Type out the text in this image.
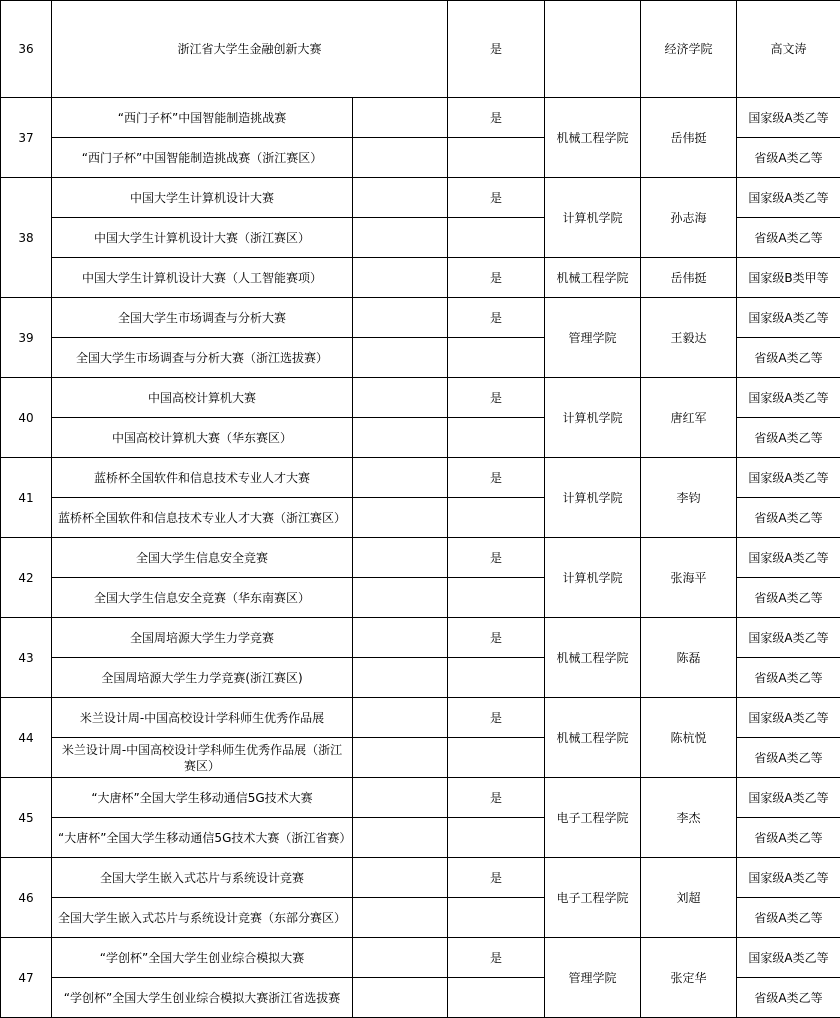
36	浙江省大学生金融创新大赛		是		经济学院	高文涛	
37	“西门子杯”中国智能制造挑战赛		是	机械工程学院	岳伟挺	国家级A类乙等	
	“西门子杯”中国智能制造挑战赛（浙江赛区）					省级A类乙等	
38	中国大学生计算机设计大赛		是	计算机学院	孙志海	国家级A类乙等	
	中国大学生计算机设计大赛（浙江赛区）					省级A类乙等	
	中国大学生计算机设计大赛（人工智能赛项）		是	机械工程学院	岳伟挺	国家级B类甲等	
39	全国大学生市场调查与分析大赛		是	管理学院	王毅达	国家级A类乙等	
	全国大学生市场调查与分析大赛（浙江选拔赛）					省级A类乙等	
40	中国高校计算机大赛		是	计算机学院	唐红军	国家级A类乙等	
	中国高校计算机大赛（华东赛区）					省级A类乙等	
41	蓝桥杯全国软件和信息技术专业人才大赛		是	计算机学院	李钧	国家级A类乙等	
	蓝桥杯全国软件和信息技术专业人才大赛（浙江赛区）					省级A类乙等	
42	全国大学生信息安全竞赛		是	计算机学院	张海平	国家级A类乙等	
	全国大学生信息安全竞赛（华东南赛区）					省级A类乙等	
43	全国周培源大学生力学竞赛		是	机械工程学院	陈磊	国家级A类乙等	
	全国周培源大学生力学竞赛(浙江赛区)					省级A类乙等	
44	米兰设计周-中国高校设计学科师生优秀作品展		是	机械工程学院	陈杭悦	国家级A类乙等	
	米兰设计周-中国高校设计学科师生优秀作品展（浙江赛区）					省级A类乙等	
45	“大唐杯”全国大学生移动通信5G技术大赛		是	电子工程学院	李杰	国家级A类乙等	
	“大唐杯”全国大学生移动通信5G技术大赛（浙江省赛）					省级A类乙等	
46	全国大学生嵌入式芯片与系统设计竞赛		是	电子工程学院	刘超	国家级A类乙等	
	全国大学生嵌入式芯片与系统设计竞赛（东部分赛区）					省级A类乙等	
47	“学创杯”全国大学生创业综合模拟大赛		是	管理学院	张定华	国家级A类乙等	
	“学创杯”全国大学生创业综合模拟大赛浙江省选拔赛					省级A类乙等	
